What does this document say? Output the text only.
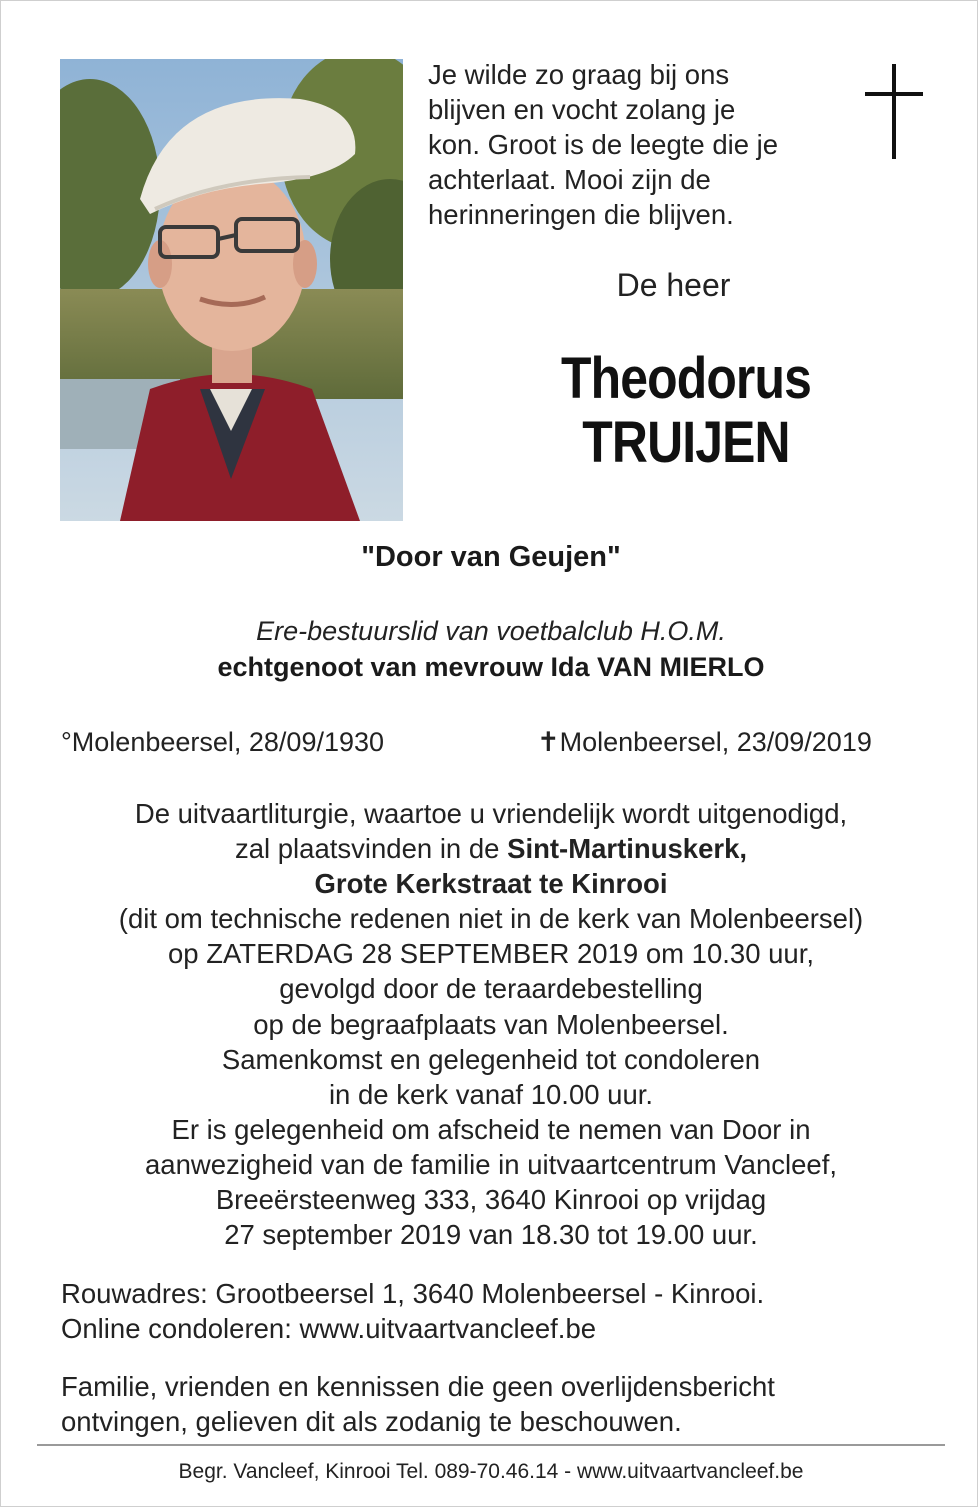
Je wilde zo graag bij ons
blijven en vocht zolang je
kon. Groot is de leegte die je
achterlaat. Mooi zijn de
herinneringen die blijven.
De heer
Theodorus
TRUIJEN
"Door van Geujen"
Ere-bestuurslid van voetbalclub H.O.M.
echtgenoot van mevrouw Ida VAN MIERLO
°Molenbeersel, 28/09/1930	✝Molenbeersel, 23/09/2019
De uitvaartliturgie, waartoe u vriendelijk wordt uitgenodigd,
zal plaatsvinden in de Sint-Martinuskerk,
Grote Kerkstraat te Kinrooi
(dit om technische redenen niet in de kerk van Molenbeersel)
op ZATERDAG 28 SEPTEMBER 2019 om 10.30 uur,
gevolgd door de teraardebestelling
op de begraafplaats van Molenbeersel.
Samenkomst en gelegenheid tot condoleren
in de kerk vanaf 10.00 uur.
Er is gelegenheid om afscheid te nemen van Door in
aanwezigheid van de familie in uitvaartcentrum Vancleef,
Breeërsteenweg 333, 3640 Kinrooi op vrijdag
27 september 2019 van 18.30 tot 19.00 uur.
Rouwadres: Grootbeersel 1, 3640 Molenbeersel - Kinrooi.
Online condoleren: www.uitvaartvancleef.be
Familie, vrienden en kennissen die geen overlijdensbericht
ontvingen, gelieven dit als zodanig te beschouwen.
Begr. Vancleef, Kinrooi Tel. 089-70.46.14 - www.uitvaartvancleef.be
